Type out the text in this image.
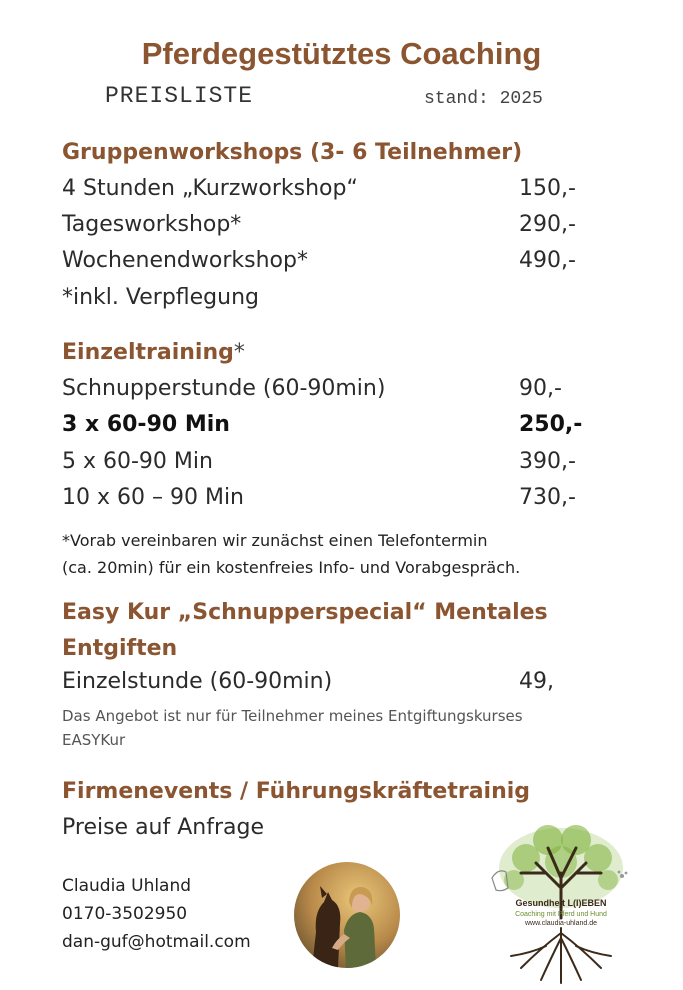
Pferdegestütztes Coaching
PREISLISTE	stand: 2025
Gruppenworkshops (3- 6 Teilnehmer)
4 Stunden „Kurzworkshop“	150,-
Tagesworkshop*	290,-
Wochenendworkshop*	490,-
*inkl. Verpflegung
Einzeltraining*
Schnupperstunde (60-90min)	90,-
3 x 60-90 Min	250,-
5 x 60-90 Min	390,-
10 x 60 – 90 Min	730,-
*Vorab vereinbaren wir zunächst einen Telefontermin
(ca. 20min) für ein kostenfreies Info- und Vorabgespräch.
Easy Kur „Schnupperspecial“ Mentales
Entgiften
Einzelstunde (60-90min)	49,
Das Angebot ist nur für Teilnehmer meines Entgiftungskurses
EASYKur
Firmenevents / Führungskräftetrainig
Preise auf Anfrage
Claudia Uhland
0170-3502950
dan-guf@hotmail.com
Gesundheit L(I)EBEN
Coaching mit Pferd und Hund
www.claudia-uhland.de
